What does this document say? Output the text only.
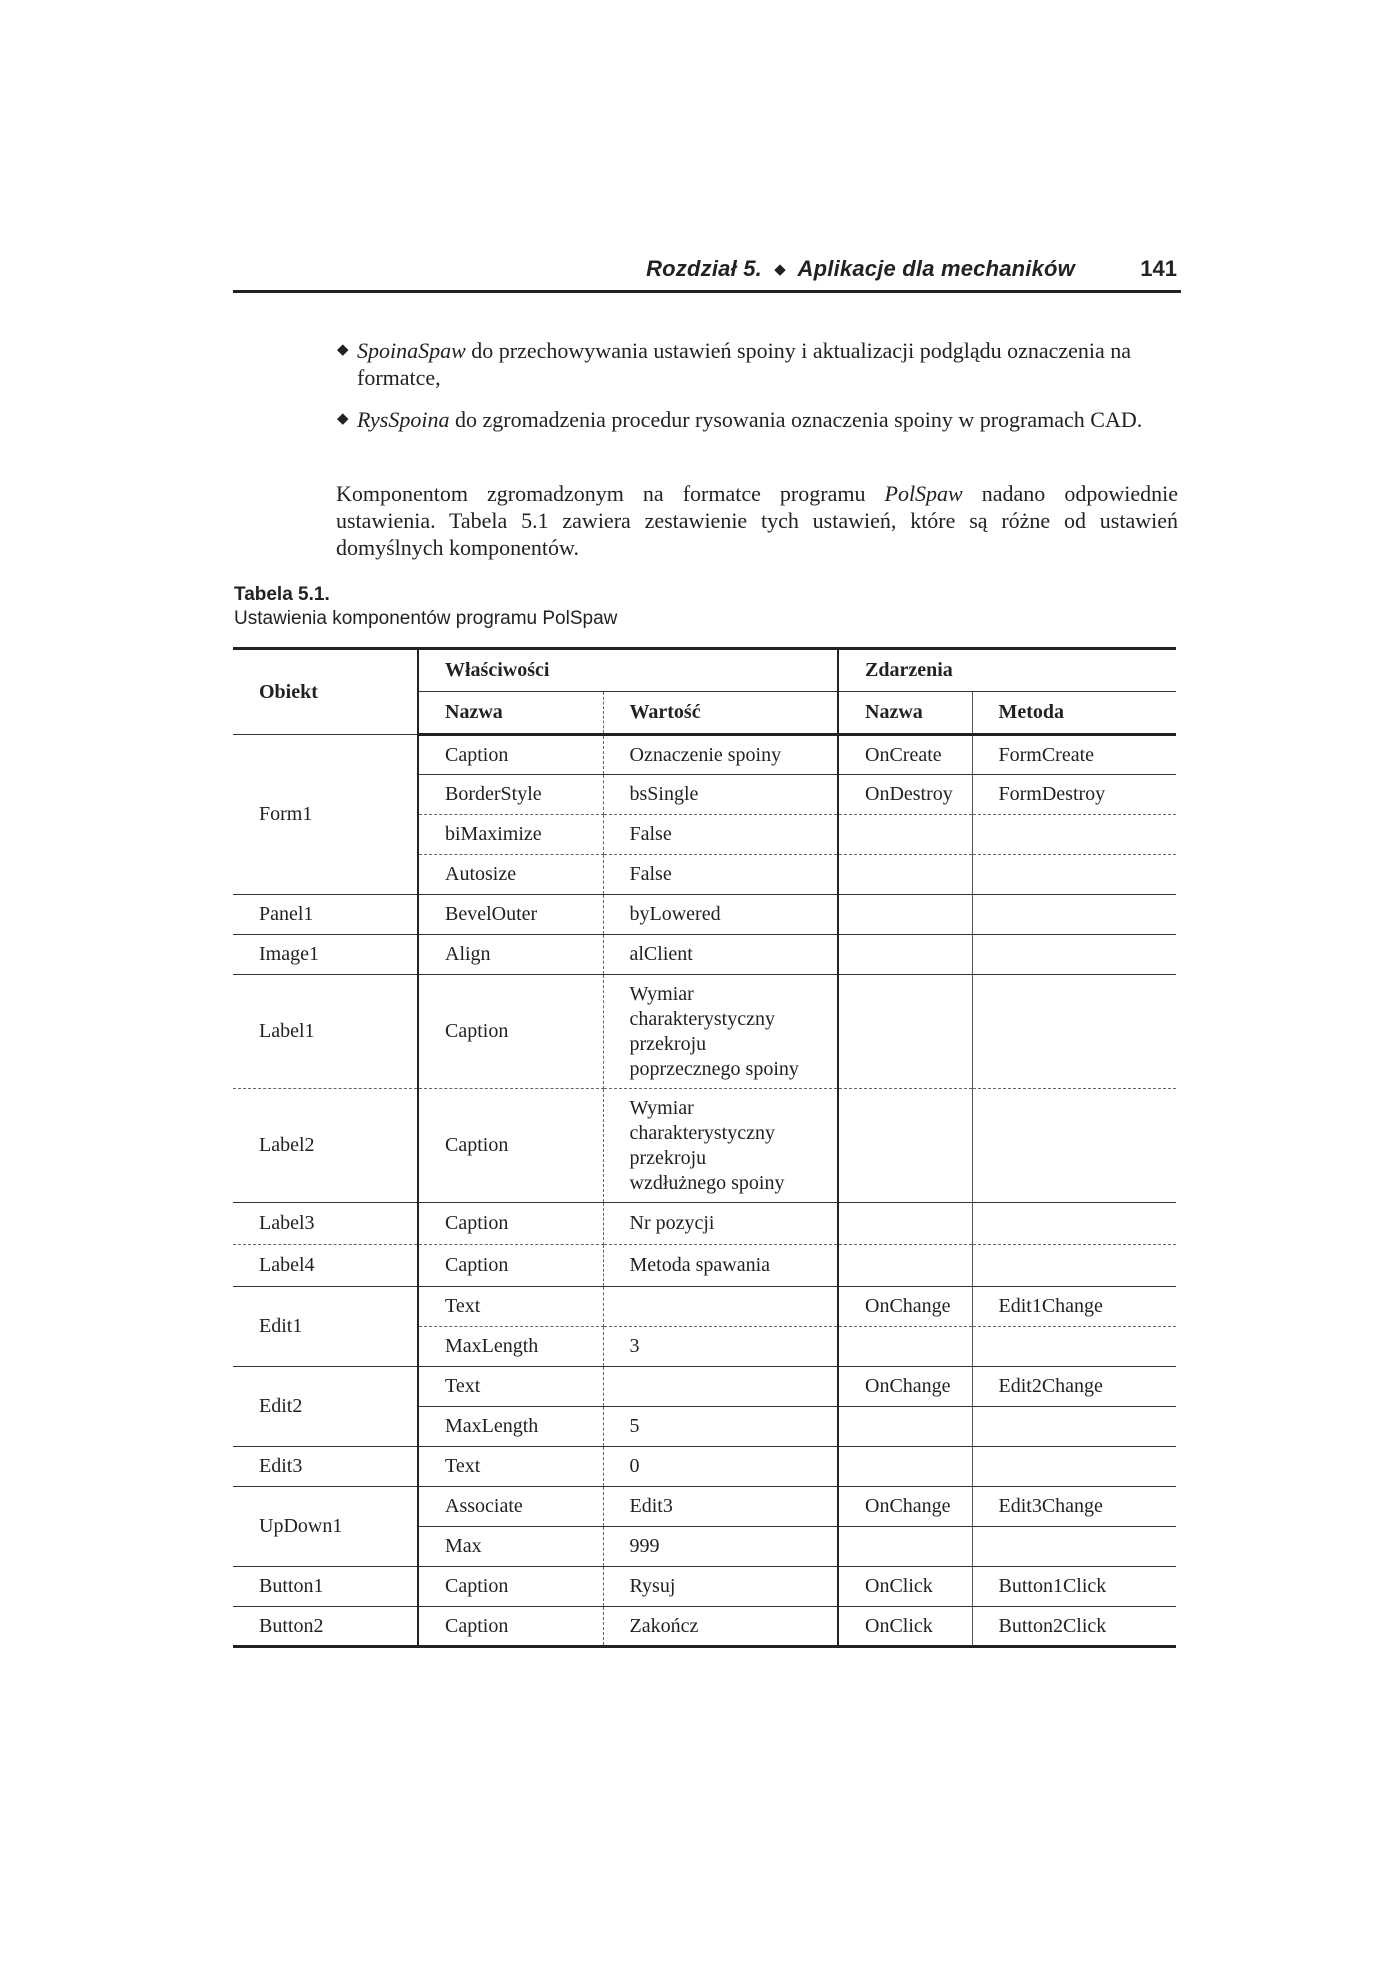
Rozdział 5. ◆ Aplikacje dla mechaników	141
◆ SpoinaSpaw do przechowywania ustawień spoiny i aktualizacji podglądu oznaczenia na formatce,
◆ RysSpoina do zgromadzenia procedur rysowania oznaczenia spoiny w programach CAD.

Komponentom zgromadzonym na formatce programu PolSpaw nadano odpowiednie ustawienia. Tabela 5.1 zawiera zestawienie tych ustawień, które są różne od ustawień domyślnych komponentów.

Tabela 5.1.
Ustawienia komponentów programu PolSpaw
Obiekt	Właściwości		Zdarzenia	
	Nazwa	Wartość	Nazwa	Metoda
Form1	Caption	Oznaczenie spoiny	OnCreate	FormCreate
	BorderStyle	bsSingle	OnDestroy	FormDestroy
	biMaximize	False		
	Autosize	False		
Panel1	BevelOuter	byLowered		
Image1	Align	alClient		
Label1	Caption	Wymiar charakterystyczny przekroju poprzecznego spoiny		
Label2	Caption	Wymiar charakterystyczny przekroju wzdłużnego spoiny		
Label3	Caption	Nr pozycji		
Label4	Caption	Metoda spawania		
Edit1	Text		OnChange	Edit1Change
	MaxLength	3		
Edit2	Text		OnChange	Edit2Change
	MaxLength	5		
Edit3	Text	0		
UpDown1	Associate	Edit3	OnChange	Edit3Change
	Max	999		
Button1	Caption	Rysuj	OnClick	Button1Click
Button2	Caption	Zakończ	OnClick	Button2Click
